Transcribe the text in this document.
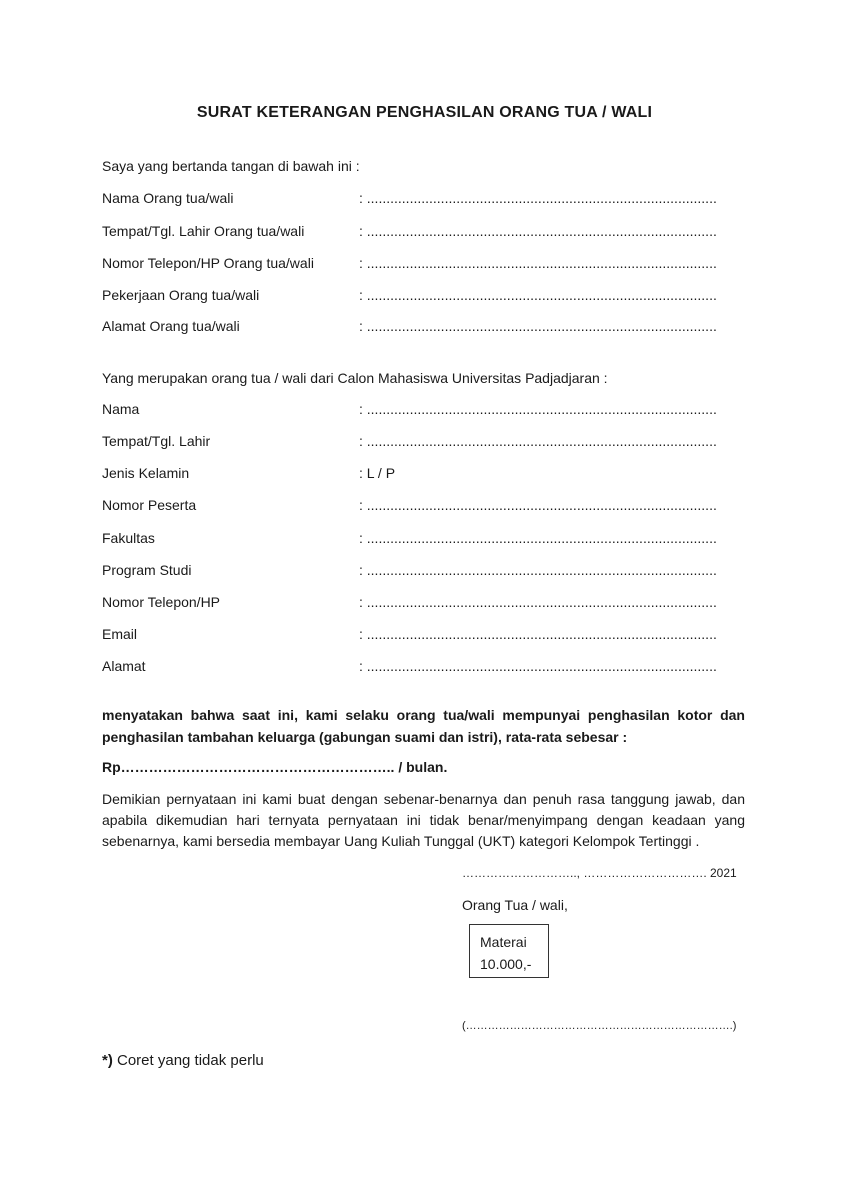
SURAT KETERANGAN PENGHASILAN ORANG TUA / WALI
Saya yang bertanda tangan di bawah ini :
Nama Orang tua/wali	: ..........................................................................................
Tempat/Tgl. Lahir Orang tua/wali	: ..........................................................................................
Nomor Telepon/HP Orang tua/wali	: ..........................................................................................
Pekerjaan Orang tua/wali	: ..........................................................................................
Alamat Orang tua/wali	: ..........................................................................................
Yang merupakan orang tua / wali dari Calon Mahasiswa Universitas Padjadjaran :
Nama	: ..........................................................................................
Tempat/Tgl. Lahir	: ..........................................................................................
Jenis Kelamin	: L / P
Nomor Peserta	: ..........................................................................................
Fakultas	: ..........................................................................................
Program Studi	: ..........................................................................................
Nomor Telepon/HP	: ..........................................................................................
Email	: ..........................................................................................
Alamat	: ..........................................................................................
menyatakan bahwa saat ini, kami selaku orang tua/wali mempunyai penghasilan kotor dan penghasilan tambahan keluarga (gabungan suami dan istri), rata-rata sebesar :
Rp………………………………………………….. / bulan.
Demikian pernyataan ini kami buat dengan sebenar-benarnya dan penuh rasa tanggung jawab, dan apabila dikemudian hari ternyata pernyataan ini tidak benar/menyimpang dengan keadaan yang sebenarnya, kami bersedia membayar Uang Kuliah Tunggal (UKT) kategori Kelompok Tertinggi .
……………………….., …………………………. 2021
Orang Tua / wali,
Materai
10.000,-
(……………………………………………………………….)
*) Coret yang tidak perlu
